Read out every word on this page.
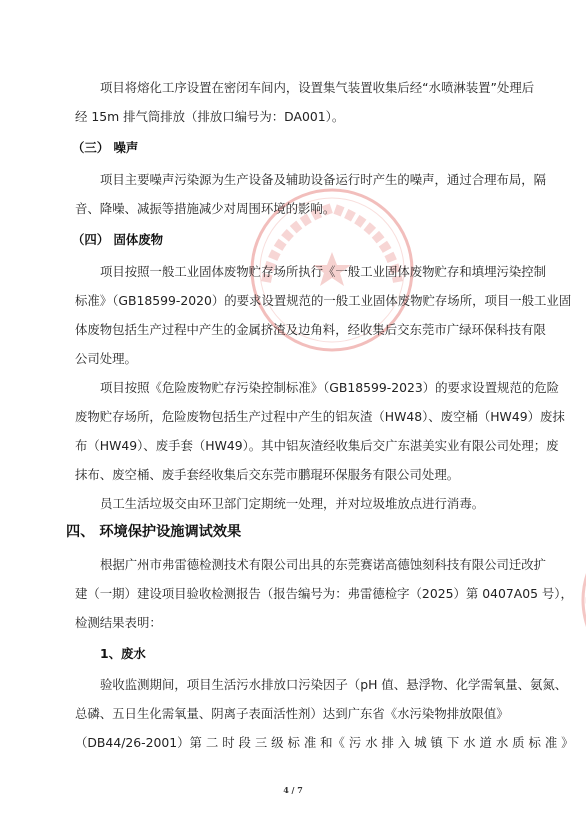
项目将熔化工序设置在密闭车间内，设置集气装置收集后经“水喷淋装置”处理后
经 15m 排气筒排放（排放口编号为：DA001）。
（三） 噪声
项目主要噪声污染源为生产设备及辅助设备运行时产生的噪声，通过合理布局，隔
音、降噪、减振等措施减少对周围环境的影响。
（四） 固体废物
项目按照一般工业固体废物贮存场所执行《一般工业固体废物贮存和填埋污染控制
标准》（GB18599-2020）的要求设置规范的一般工业固体废物贮存场所，项目一般工业固
体废物包括生产过程中产生的金属挤渣及边角料，经收集后交东莞市广绿环保科技有限
公司处理。
项目按照《危险废物贮存污染控制标准》（GB18599-2023）的要求设置规范的危险
废物贮存场所，危险废物包括生产过程中产生的铝灰渣（HW48）、废空桶（HW49）废抹
布（HW49）、废手套（HW49）。其中铝灰渣经收集后交广东湛美实业有限公司处理；废
抹布、废空桶、废手套经收集后交东莞市鹏琨环保服务有限公司处理。
员工生活垃圾交由环卫部门定期统一处理，并对垃圾堆放点进行消毒。
四、 环境保护设施调试效果
根据广州市弗雷德检测技术有限公司出具的东莞赛诺高德蚀刻科技有限公司迁改扩
建（一期）建设项目验收检测报告（报告编号为：弗雷德检字（2025）第 0407A05 号），
检测结果表明：
1、废水
验收监测期间，项目生活污水排放口污染因子（pH 值、悬浮物、化学需氧量、氨氮、
总磷、五日生化需氧量、阴离子表面活性剂）达到广东省《水污染物排放限值》
（DB44/26-2001）第 二 时 段 三 级 标 准 和《 污 水 排 入 城 镇 下 水 道 水 质 标 准 》
4 / 7
